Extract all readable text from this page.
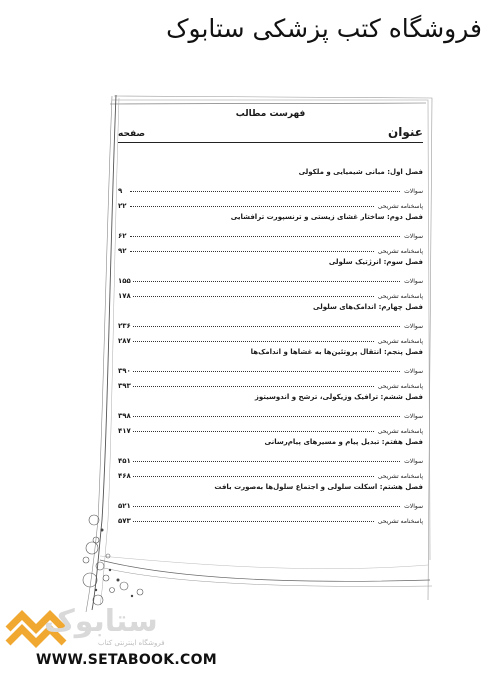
فروشگاه کتب پزشکی ستابوک
فهرست مطالب
عنوان
صفحه
فصل اول: مبانی شیمیایی و ملکولی
سوالات
۹
پاسخنامه تشریحی
۲۲
فصل دوم: ساختار غشای زیستی و ترنسپورت ترافشایی
سوالات
۶۲
پاسخنامه تشریحی
۹۲
فصل سوم: انرژتیک سلولی
سوالات
۱۵۵
پاسخنامه تشریحی
۱۷۸
فصل چهارم: اندامک‌های سلولی
سوالات
۲۳۶
پاسخنامه تشریحی
۲۸۷
فصل پنجم: انتقال پروتئین‌ها به غشاها و اندامک‌ها
سوالات
۳۹۰
پاسخنامه تشریحی
۳۹۳
فصل ششم: ترافیک وزیکولی، ترشح و اندوسیتوز
سوالات
۳۹۸
پاسخنامه تشریحی
۴۱۷
فصل هفتم: تبدیل پیام و مسیرهای پیام‌رسانی
سوالات
۴۵۱
پاسخنامه تشریحی
۴۶۸
فصل هشتم: اسکلت سلولی و اجتماع سلول‌ها به‌صورت بافت
سوالات
۵۲۱
پاسخنامه تشریحی
۵۷۳
ستابوک
فروشگاه اینترنتی کتاب
WWW.SETABOOK.COM
